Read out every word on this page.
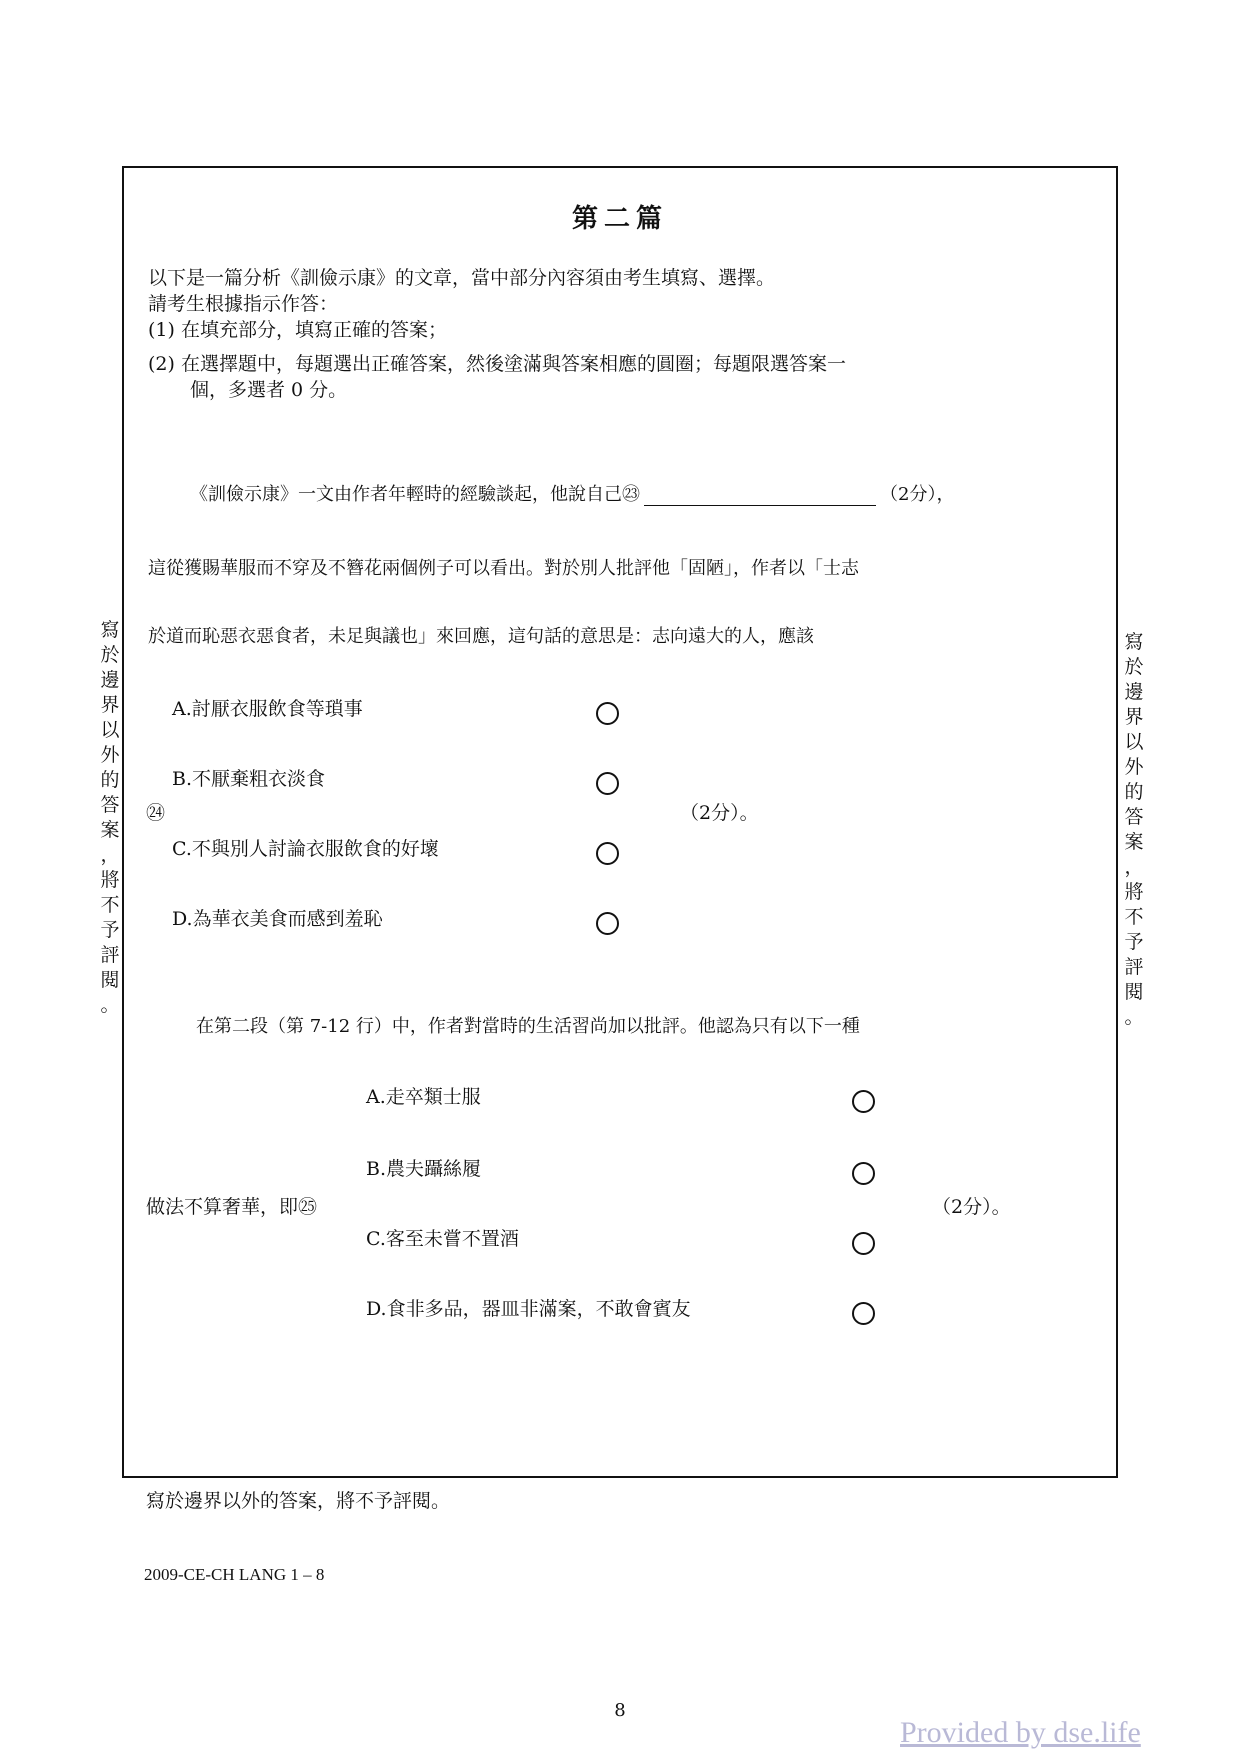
第二篇
以下是一篇分析《訓儉示康》的文章，當中部分內容須由考生填寫、選擇。
請考生根據指示作答：
(1) 在填充部分，填寫正確的答案；
(2) 在選擇題中，每題選出正確答案，然後塗滿與答案相應的圓圈；每題限選答案一
個，多選者 0 分。
《訓儉示康》一文由作者年輕時的經驗談起，他說自己㉓	（2分），
這從獲賜華服而不穿及不簪花兩個例子可以看出。對於別人批評他「固陋」，作者以「士志
於道而恥惡衣惡食者，未足與議也」來回應，這句話的意思是：志向遠大的人，應該
A.討厭衣服飲食等瑣事
B.不厭棄粗衣淡食
㉔	（2分）。
C.不與別人討論衣服飲食的好壞
D.為華衣美食而感到羞恥
在第二段（第 7-12 行）中，作者對當時的生活習尚加以批評。他認為只有以下一種
A.走卒類士服
B.農夫躡絲履
做法不算奢華，即㉕	（2分）。
C.客至未嘗不置酒
D.食非多品，器皿非滿案，不敢會賓友
寫
於
邊
界
以
外
的
答
案
，
將
不
予
評
閱
。
寫
於
邊
界
以
外
的
答
案
，
將
不
予
評
閱
。
寫於邊界以外的答案，將不予評閱。
2009-CE-CH LANG 1 – 8
8
Provided by dse.life
